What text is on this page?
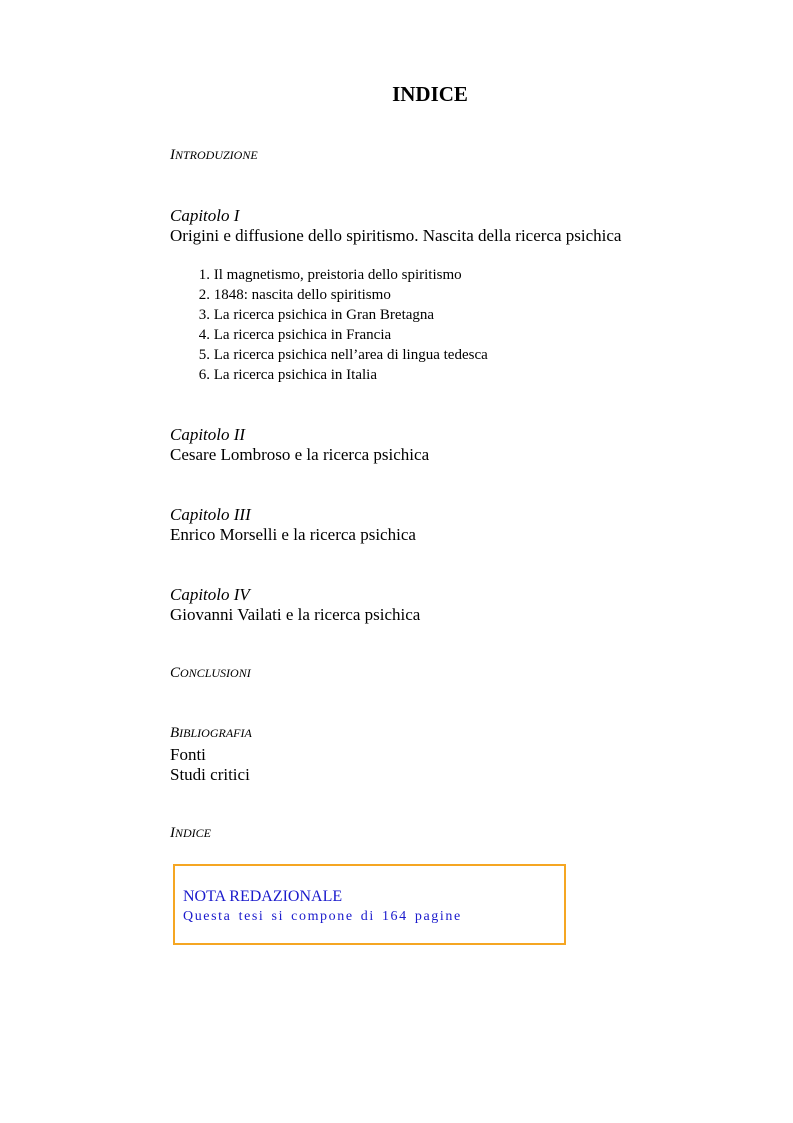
INDICE
INTRODUZIONE
Capitolo I
Origini e diffusione dello spiritismo. Nascita della ricerca psichica
1. Il magnetismo, preistoria dello spiritismo
2. 1848: nascita dello spiritismo
3. La ricerca psichica in Gran Bretagna
4. La ricerca psichica in Francia
5. La ricerca psichica nell’area di lingua tedesca
6. La ricerca psichica in Italia
Capitolo II
Cesare Lombroso e la ricerca psichica
Capitolo III
Enrico Morselli e la ricerca psichica
Capitolo IV
Giovanni Vailati e la ricerca psichica
CONCLUSIONI
BIBLIOGRAFIA
Fonti
Studi critici
INDICE
NOTA REDAZIONALE
Questa tesi si compone di 164 pagine
